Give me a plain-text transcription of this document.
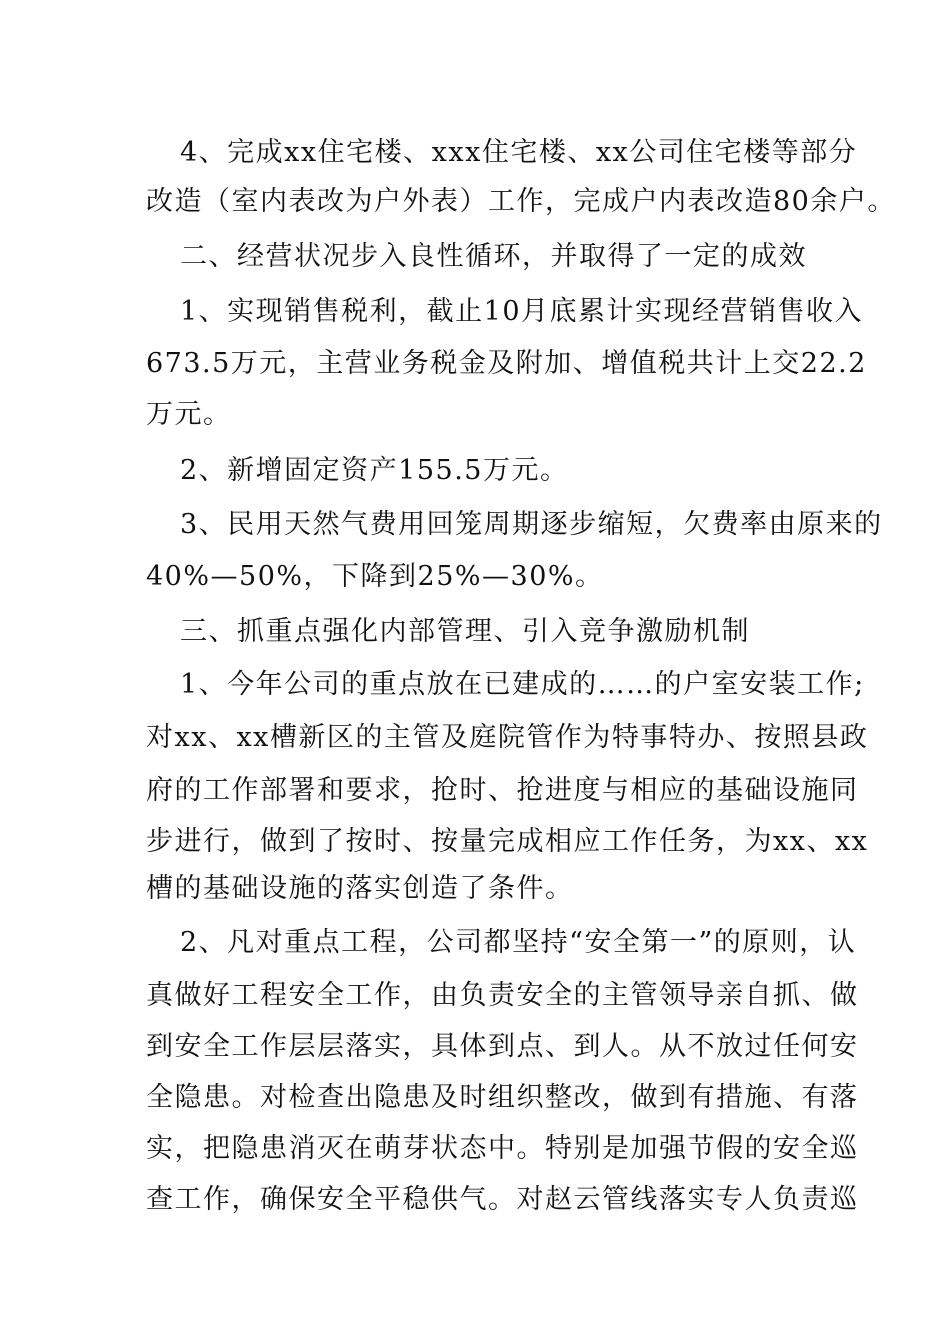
4、完成xx住宅楼、xxx住宅楼、xx公司住宅楼等部分
改造（室内表改为户外表）工作，完成户内表改造80余户。
二、经营状况步入良性循环，并取得了一定的成效
1、实现销售税利，截止10月底累计实现经营销售收入
673.5万元，主营业务税金及附加、增值税共计上交22.2
万元。
2、新增固定资产155.5万元。
3、民用天然气费用回笼周期逐步缩短，欠费率由原来的
40%—50%，下降到25%—30%。
三、抓重点强化内部管理、引入竞争激励机制
1、今年公司的重点放在已建成的……的户室安装工作;
对xx、xx槽新区的主管及庭院管作为特事特办、按照县政
府的工作部署和要求，抢时、抢进度与相应的基础设施同
步进行，做到了按时、按量完成相应工作任务，为xx、xx
槽的基础设施的落实创造了条件。
2、凡对重点工程，公司都坚持“安全第一”的原则，认
真做好工程安全工作，由负责安全的主管领导亲自抓、做
到安全工作层层落实，具体到点、到人。从不放过任何安
全隐患。对检查出隐患及时组织整改，做到有措施、有落
实，把隐患消灭在萌芽状态中。特别是加强节假的安全巡
查工作，确保安全平稳供气。对赵云管线落实专人负责巡
